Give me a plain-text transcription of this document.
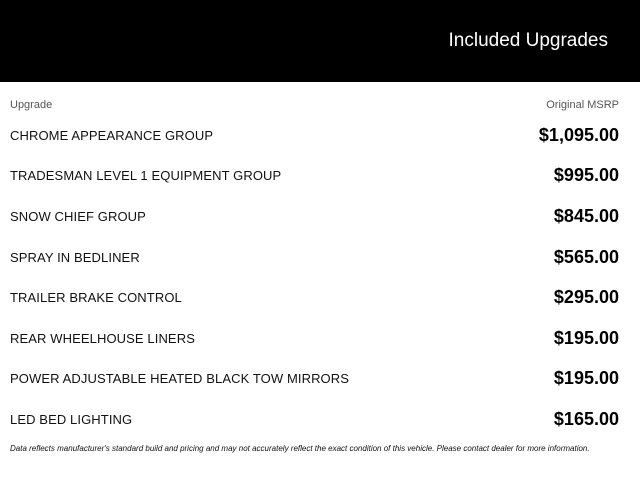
Included Upgrades
Upgrade	Original MSRP
CHROME APPEARANCE GROUP	$1,095.00
TRADESMAN LEVEL 1 EQUIPMENT GROUP	$995.00
SNOW CHIEF GROUP	$845.00
SPRAY IN BEDLINER	$565.00
TRAILER BRAKE CONTROL	$295.00
REAR WHEELHOUSE LINERS	$195.00
POWER ADJUSTABLE HEATED BLACK TOW MIRRORS	$195.00
LED BED LIGHTING	$165.00
Data reflects manufacturer's standard build and pricing and may not accurately reflect the exact condition of this vehicle. Please contact dealer for more information.
